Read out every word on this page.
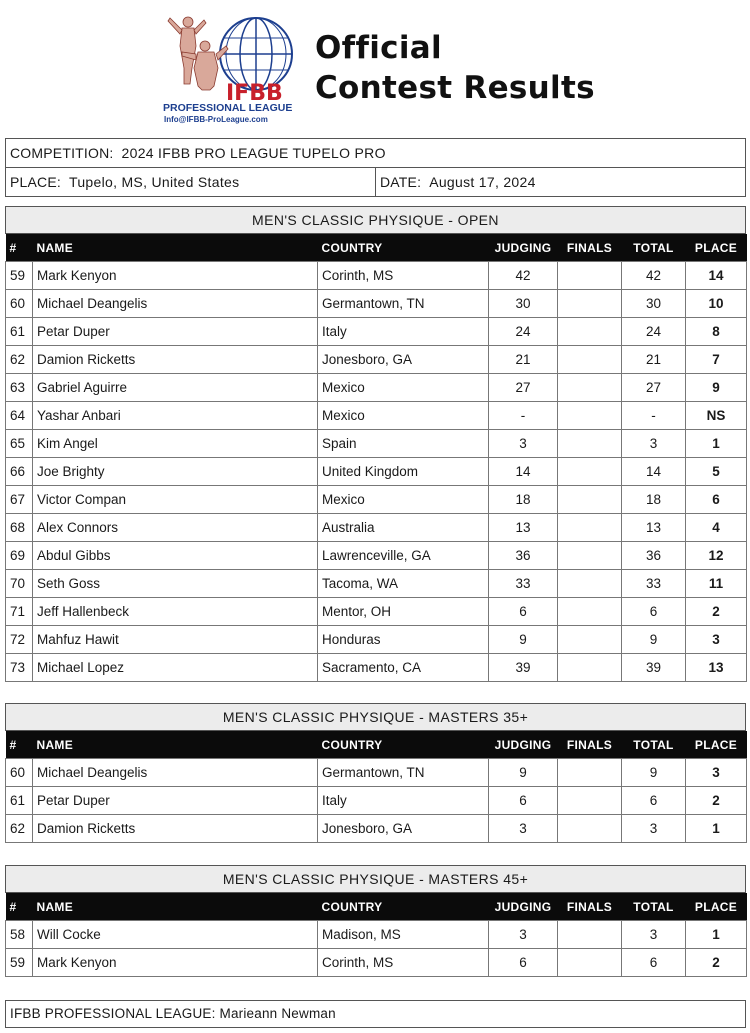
IFBB
PROFESSIONAL LEAGUE
Info@IFBB-ProLeague.com
Official
Contest Results
COMPETITION: 2024 IFBB PRO LEAGUE TUPELO PRO
PLACE: Tupelo, MS, United States	DATE: August 17, 2024
MEN'S CLASSIC PHYSIQUE - OPEN
#	NAME	COUNTRY	JUDGING	FINALS	TOTAL	PLACE
59	Mark Kenyon	Corinth, MS	42		42	14
60	Michael Deangelis	Germantown, TN	30		30	10
61	Petar Duper	Italy	24		24	8
62	Damion Ricketts	Jonesboro, GA	21		21	7
63	Gabriel Aguirre	Mexico	27		27	9
64	Yashar Anbari	Mexico	-		-	NS
65	Kim Angel	Spain	3		3	1
66	Joe Brighty	United Kingdom	14		14	5
67	Victor Compan	Mexico	18		18	6
68	Alex Connors	Australia	13		13	4
69	Abdul Gibbs	Lawrenceville, GA	36		36	12
70	Seth Goss	Tacoma, WA	33		33	11
71	Jeff Hallenbeck	Mentor, OH	6		6	2
72	Mahfuz Hawit	Honduras	9		9	3
73	Michael Lopez	Sacramento, CA	39		39	13
MEN'S CLASSIC PHYSIQUE - MASTERS 35+
#	NAME	COUNTRY	JUDGING	FINALS	TOTAL	PLACE
60	Michael Deangelis	Germantown, TN	9		9	3
61	Petar Duper	Italy	6		6	2
62	Damion Ricketts	Jonesboro, GA	3		3	1
MEN'S CLASSIC PHYSIQUE - MASTERS 45+
#	NAME	COUNTRY	JUDGING	FINALS	TOTAL	PLACE
58	Will Cocke	Madison, MS	3		3	1
59	Mark Kenyon	Corinth, MS	6		6	2
IFBB PROFESSIONAL LEAGUE: Marieann Newman
